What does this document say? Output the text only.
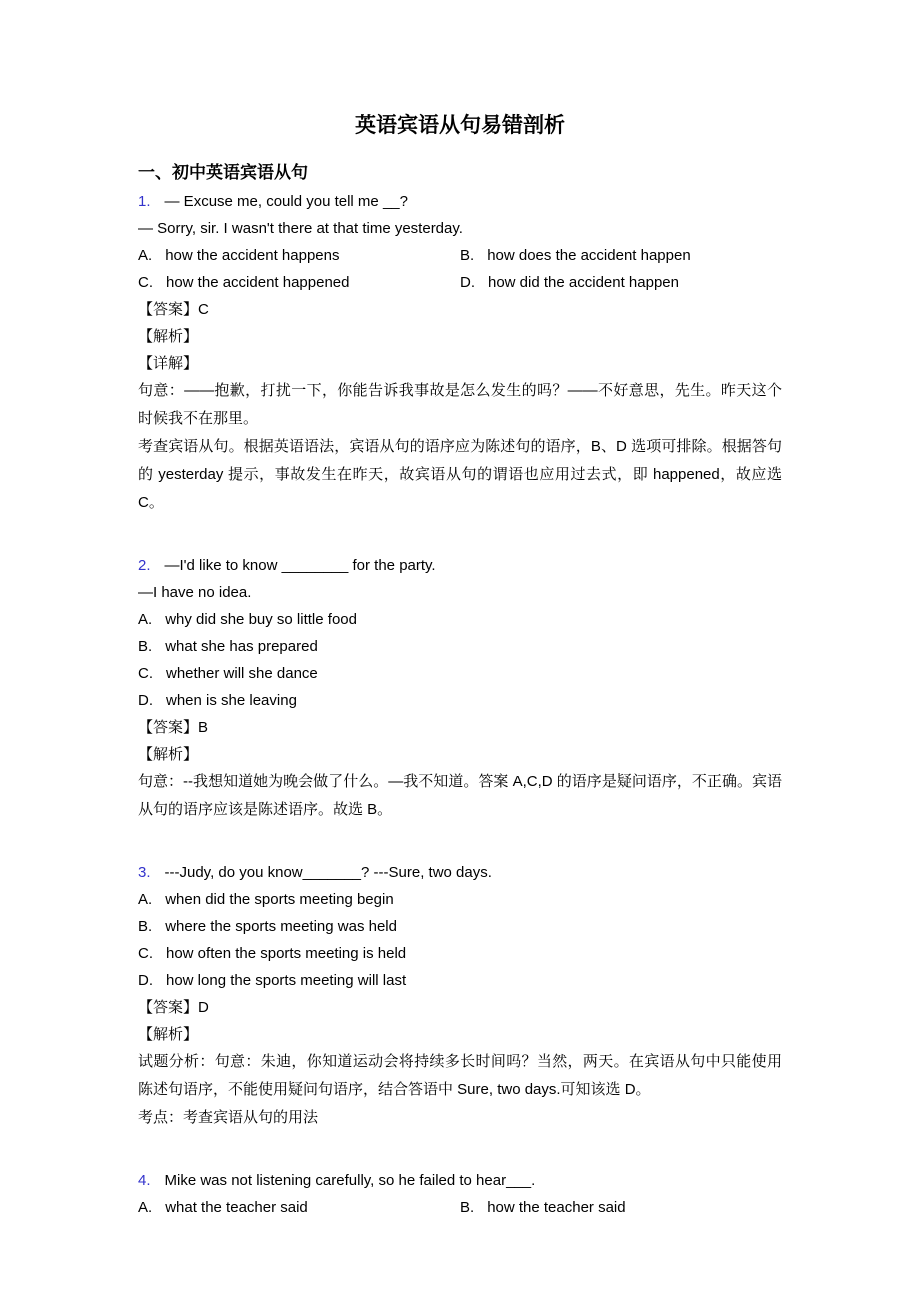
英语宾语从句易错剖析
一、初中英语宾语从句
1. — Excuse me, could you tell me __?
— Sorry, sir. I wasn't there at that time yesterday.
A. how the accident happens	B. how does the accident happen
C. how the accident happened	D. how did the accident happen
【答案】C
【解析】
【详解】

句意：——抱歉，打扰一下，你能告诉我事故是怎么发生的吗？——不好意思，先生。昨天这个时候我不在那里。

考查宾语从句。根据英语语法，宾语从句的语序应为陈述句的语序，B、D 选项可排除。根据答句的 yesterday 提示，事故发生在昨天，故宾语从句的谓语也应用过去式，即 happened，故应选 C。

2. —I'd like to know ________ for the party.
—I have no idea.
A. why did she buy so little food
B. what she has prepared
C. whether will she dance
D. when is she leaving
【答案】B
【解析】

句意：--我想知道她为晚会做了什么。—我不知道。答案 A,C,D 的语序是疑问语序，不正确。宾语从句的语序应该是陈述语序。故选 B。

3. ---Judy, do you know_______? ---Sure, two days.
A. when did the sports meeting begin
B. where the sports meeting was held
C. how often the sports meeting is held
D. how long the sports meeting will last
【答案】D
【解析】

试题分析：句意：朱迪，你知道运动会将持续多长时间吗？当然，两天。在宾语从句中只能使用陈述句语序，不能使用疑问句语序，结合答语中 Sure, two days.可知该选 D。

考点：考查宾语从句的用法

4. Mike was not listening carefully, so he failed to hear___.
A. what the teacher said	B. how the teacher said
